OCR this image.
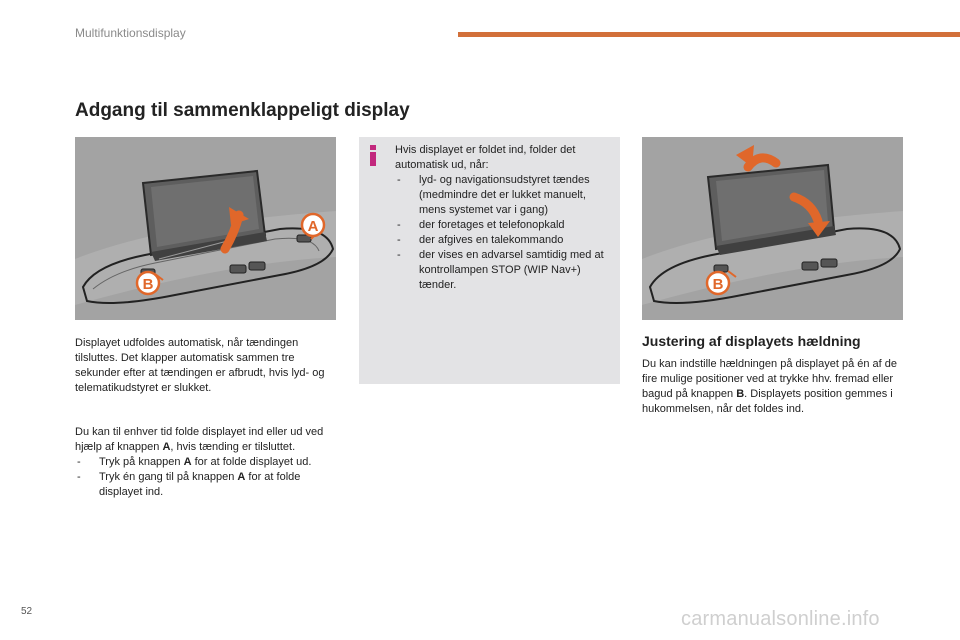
Multifunktionsdisplay
Adgang til sammenklappeligt display
A
B

Hvis displayet er foldet ind, folder det automatisk ud, når:

- lyd- og navigationsudstyret tændes (medmindre det er lukket manuelt, mens systemet var i gang)
- der foretages et telefonopkald
- der afgives en talekommando
- der vises en advarsel samtidig med at kontrollampen STOP (WIP Nav+) tænder.	B

Displayet udfoldes automatisk, når tændingen tilsluttes. Det klapper automatisk sammen tre sekunder efter at tændingen er afbrudt, hvis lyd- og telematikudstyret er slukket.

Du kan til enhver tid folde displayet ind eller ud ved hjælp af knappen A, hvis tænding er tilsluttet.

- Tryk på knappen A for at folde displayet ud.
- Tryk én gang til på knappen A for at folde displayet ind.
Justering af displayets hældning

Du kan indstille hældningen på displayet på én af de fire mulige positioner ved at trykke hhv. fremad eller bagud på knappen B. Displayets position gemmes i hukommelsen, når det foldes ind.

52	carmanualsonline.info
